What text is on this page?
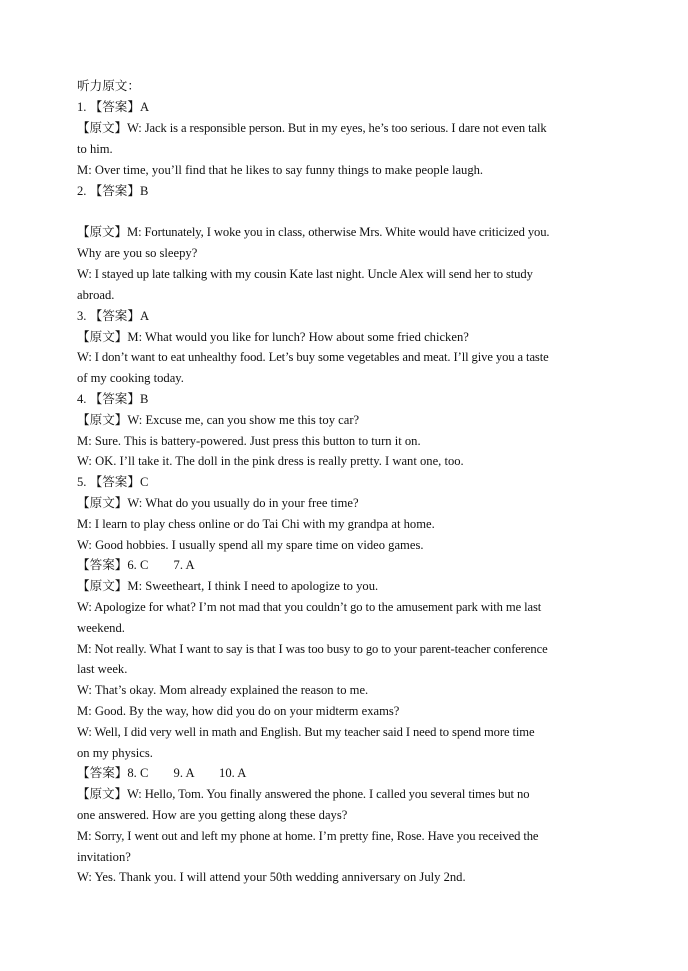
听力原文：
1. 【答案】A
【原文】W: Jack is a responsible person. But in my eyes, he’s too serious. I dare not even talk
to him.
M: Over time, you’ll find that he likes to say funny things to make people laugh.
2. 【答案】B
【原文】M: Fortunately, I woke you in class, otherwise Mrs. White would have criticized you.
Why are you so sleepy?
W: I stayed up late talking with my cousin Kate last night. Uncle Alex will send her to study
abroad.
3. 【答案】A
【原文】M: What would you like for lunch? How about some fried chicken?
W: I don’t want to eat unhealthy food. Let’s buy some vegetables and meat. I’ll give you a taste
of my cooking today.
4. 【答案】B
【原文】W: Excuse me, can you show me this toy car?
M: Sure. This is battery-powered. Just press this button to turn it on.
W: OK. I’ll take it. The doll in the pink dress is really pretty. I want one, too.
5. 【答案】C
【原文】W: What do you usually do in your free time?
M: I learn to play chess online or do Tai Chi with my grandpa at home.
W: Good hobbies. I usually spend all my spare time on video games.
【答案】6. C        7. A
【原文】M: Sweetheart, I think I need to apologize to you.
W: Apologize for what? I’m not mad that you couldn’t go to the amusement park with me last
weekend.
M: Not really. What I want to say is that I was too busy to go to your parent-teacher conference
last week.
W: That’s okay. Mom already explained the reason to me.
M: Good. By the way, how did you do on your midterm exams?
W: Well, I did very well in math and English. But my teacher said I need to spend more time
on my physics.
【答案】8. C        9. A        10. A
【原文】W: Hello, Tom. You finally answered the phone. I called you several times but no
one answered. How are you getting along these days?
M: Sorry, I went out and left my phone at home. I’m pretty fine, Rose. Have you received the
invitation?
W: Yes. Thank you. I will attend your 50th wedding anniversary on July 2nd.
